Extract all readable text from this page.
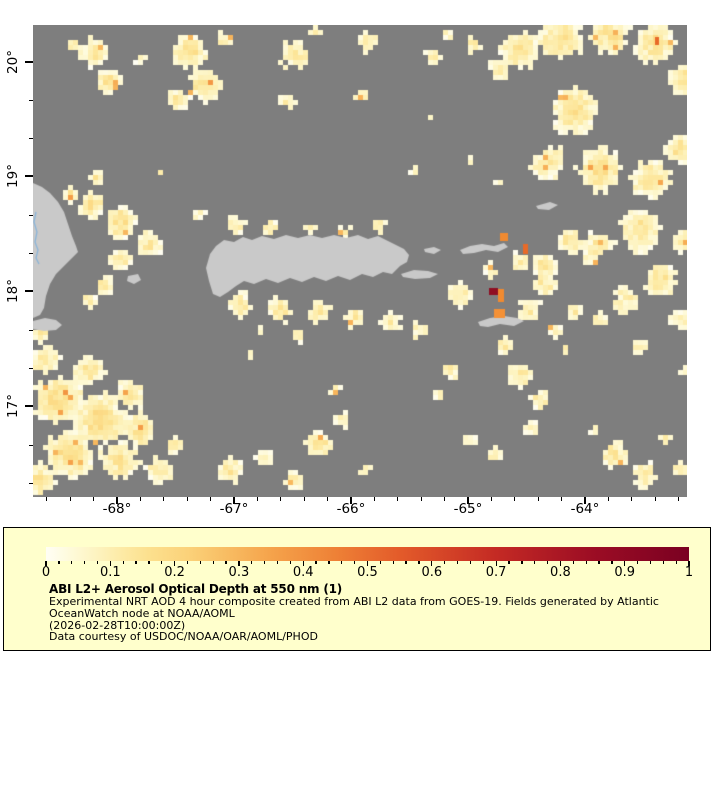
-68°	-67°	-66°	-65°	-64°
20°
19°
18°
17°
0	0.1	0.2	0.3	0.4	0.5	0.6	0.7	0.8	0.9	1
ABI L2+ Aerosol Optical Depth at 550 nm (1)
Experimental NRT AOD 4 hour composite created from ABI L2 data from GOES-19. Fields generated by Atlantic
OceanWatch node at NOAA/AOML
(2026-02-28T10:00:00Z)
Data courtesy of USDOC/NOAA/OAR/AOML/PHOD
